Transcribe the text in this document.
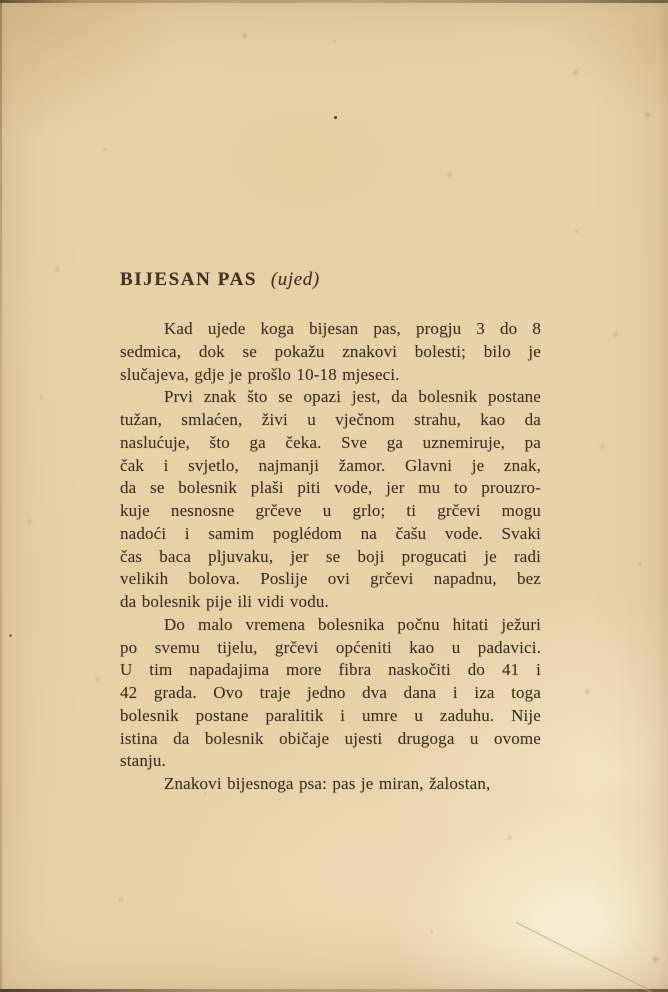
BIJESAN PAS (ujed)
Kad ujede koga bijesan pas, progju 3 do 8
sedmica, dok se pokažu znakovi bolesti; bilo je
slučajeva, gdje je prošlo 10-18 mjeseci.
Prvi znak što se opazi jest, da bolesnik postane
tužan, smlaćen, živi u vječnom strahu, kao da
naslućuje, što ga čeka. Sve ga uznemiruje, pa
čak i svjetlo, najmanji žamor. Glavni je znak,
da se bolesnik plaši piti vode, jer mu to prouzro-
kuje nesnosne grčeve u grlo; ti grčevi mogu
nadoći i samim poglédom na čašu vode. Svaki
čas baca pljuvaku, jer se boji progucati je radi
velikih bolova. Poslije ovi grčevi napadnu, bez
da bolesnik pije ili vidi vodu.
Do malo vremena bolesnika počnu hitati ježuri
po svemu tijelu, grčevi općeniti kao u padavici.
U tim napadajima more fibra naskočiti do 41 i
42 grada. Ovo traje jedno dva dana i iza toga
bolesnik postane paralitik i umre u zaduhu. Nije
istina da bolesnik običaje ujesti drugoga u ovome
stanju.
Znakovi bijesnoga psa: pas je miran, žalostan,
